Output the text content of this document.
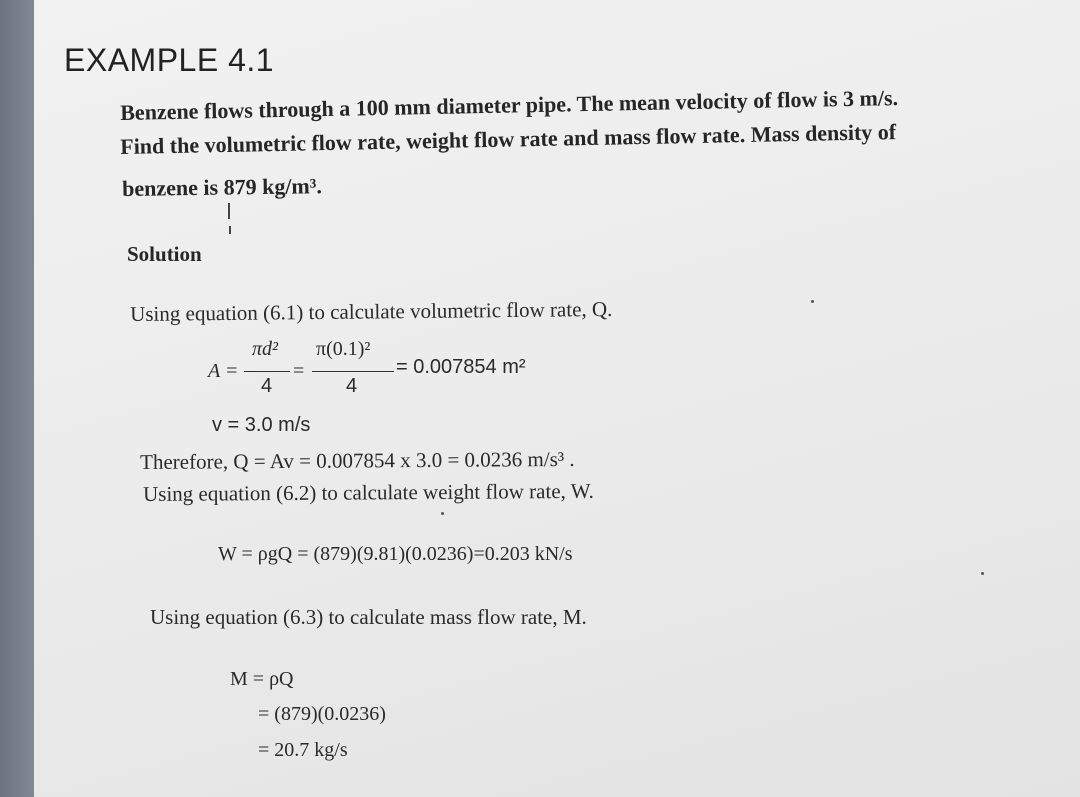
EXAMPLE 4.1
Benzene flows through a 100 mm diameter pipe. The mean velocity of flow is 3 m/s.
Find the volumetric flow rate, weight flow rate and mass flow rate. Mass density of
benzene is 879 kg/m³.
Solution
Using equation (6.1) to calculate volumetric flow rate, Q.
A =
πd²
4
=
π(0.1)²
4
= 0.007854 m²
v = 3.0 m/s
Therefore, Q = Av = 0.007854 x 3.0 = 0.0236 m/s³ .
Using equation (6.2) to calculate weight flow rate, W.
W = ρgQ = (879)(9.81)(0.0236)=0.203 kN/s
Using equation (6.3) to calculate mass flow rate, M.
M = ρQ
= (879)(0.0236)
= 20.7 kg/s
